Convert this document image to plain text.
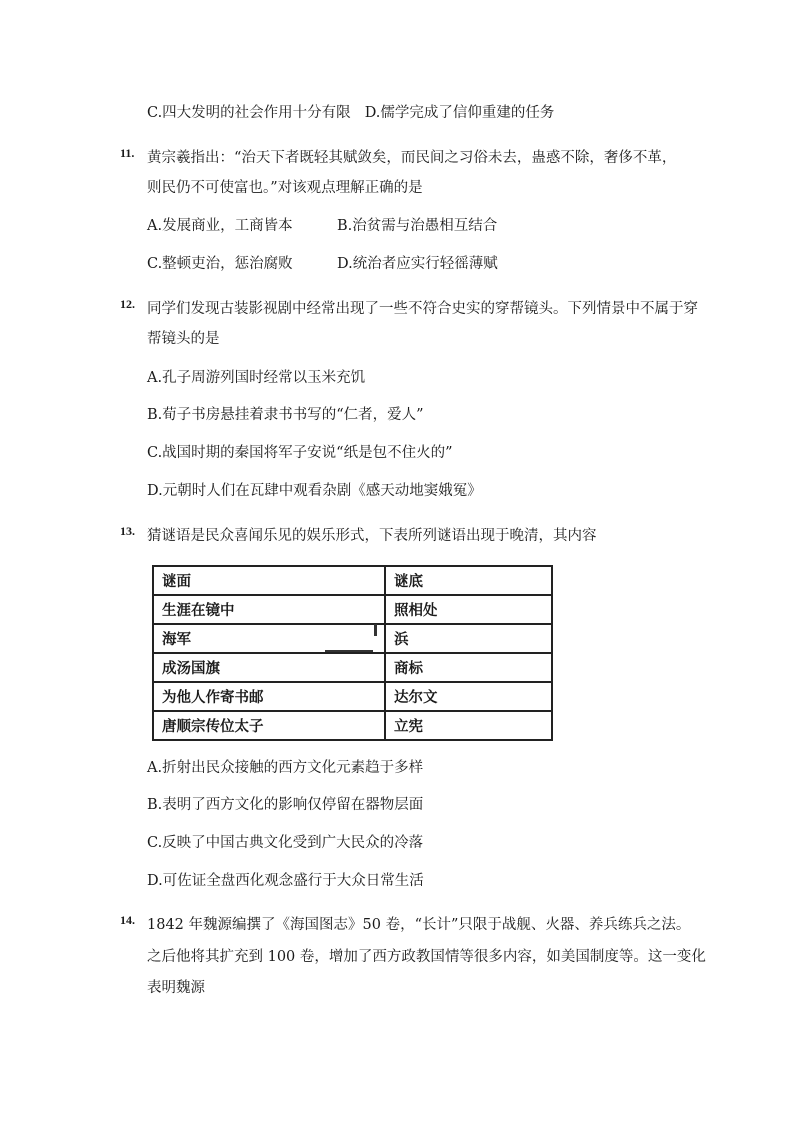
C.四大发明的社会作用十分有限 D.儒学完成了信仰重建的任务
11. 黄宗羲指出：“治天下者既轻其赋敛矣，而民间之习俗未去，蛊惑不除，奢侈不革，
则民仍不可使富也。”对该观点理解正确的是
A.发展商业，工商皆本	B.治贫需与治愚相互结合
C.整顿吏治，惩治腐败	D.统治者应实行轻徭薄赋
12. 同学们发现古装影视剧中经常出现了一些不符合史实的穿帮镜头。下列情景中不属于穿
帮镜头的是
A.孔子周游列国时经常以玉米充饥
B.荀子书房悬挂着隶书书写的“仁者，爱人”
C.战国时期的秦国将军子安说“纸是包不住火的”
D.元朝时人们在瓦肆中观看杂剧《感天动地窦娥冤》
13. 猜谜语是民众喜闻乐见的娱乐形式，下表所列谜语出现于晚清，其内容
谜面	谜底
生涯在镜中	照相处
海军	浜
成汤国旗	商标
为他人作寄书邮	达尔文
唐顺宗传位太子	立宪
A.折射出民众接触的西方文化元素趋于多样
B.表明了西方文化的影响仅停留在器物层面
C.反映了中国古典文化受到广大民众的冷落
D.可佐证全盘西化观念盛行于大众日常生活
14. 1842 年魏源编撰了《海国图志》50 卷，“长计”只限于战舰、火器、养兵练兵之法。
之后他将其扩充到 100 卷，增加了西方政教国情等很多内容，如美国制度等。这一变化
表明魏源
